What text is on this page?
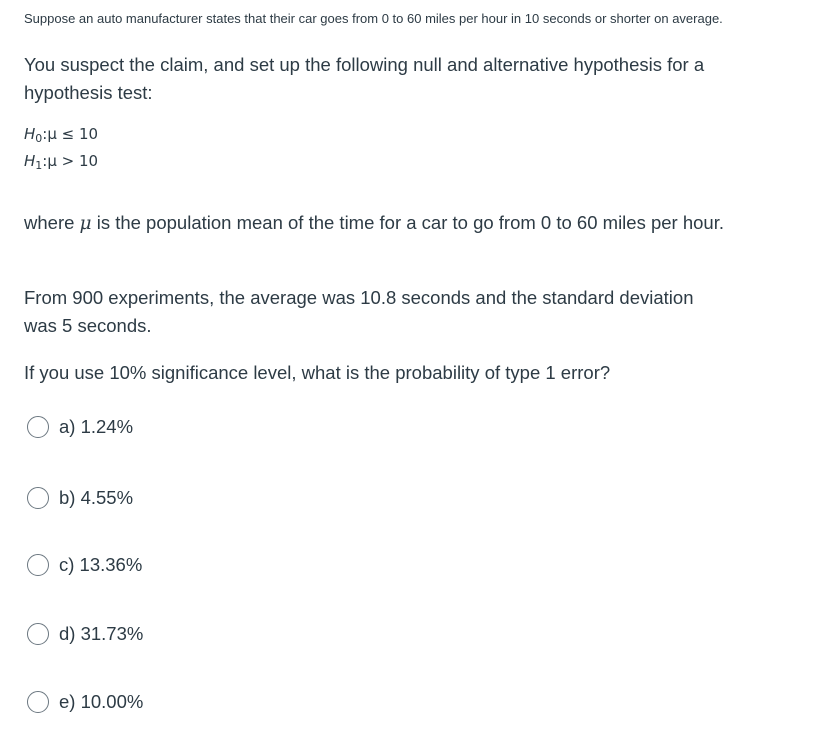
Suppose an auto manufacturer states that their car goes from 0 to 60 miles per hour in 10 seconds or shorter on average.
You suspect the claim, and set up the following null and alternative hypothesis for a hypothesis test:
$H_0:\mu \le 10$
$H_1:\mu > 10$
where μ is the population mean of the time for a car to go from 0 to 60 miles per hour.
From 900 experiments, the average was 10.8 seconds and the standard deviation was 5 seconds.
If you use 10% significance level, what is the probability of type 1 error?
a) 1.24%
b) 4.55%
c) 13.36%
d) 31.73%
e) 10.00%
